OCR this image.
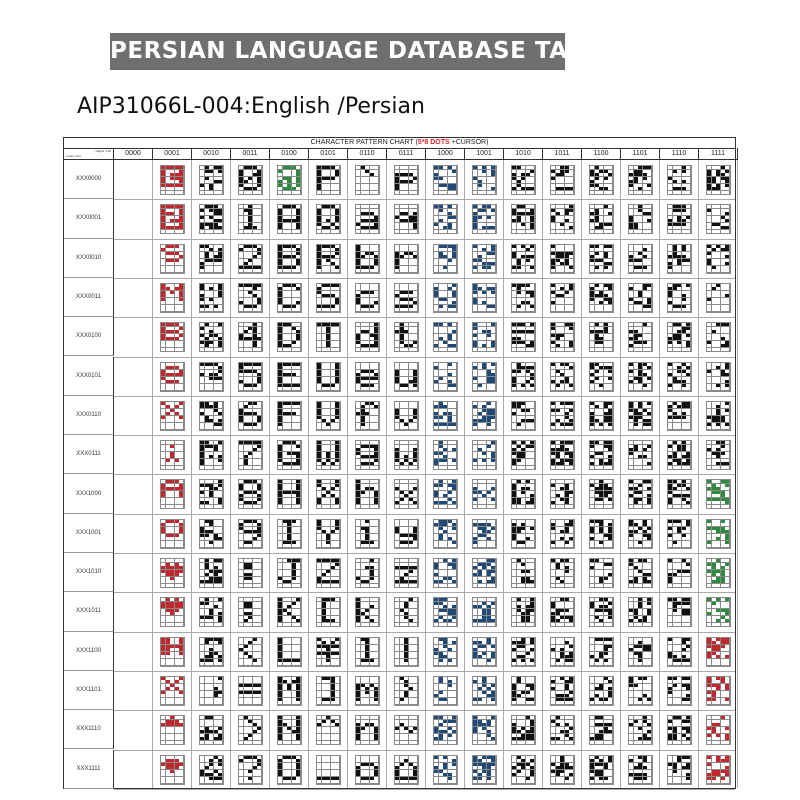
PERSIAN LANGUAGE DATABASE TABLE
AIP31066L-004:English /Persian
CHARACTER PATTERN CHART (5*8 DOTS +CURSOR)
Higher 4 bit
Lower 4 bit	0000	0001	0010	0011	0100	0101	0110	0111	1000	1001	1010	1011	1100	1101	1110	1111
XXX0000
XXX0001
XXX0010
XXX0011
XXX0100
XXX0101
XXX0110
XXX0111
XXX1000
XXX1001
XXX1010
XXX1011
XXX1100
XXX1101
XXX1110
XXX1111
